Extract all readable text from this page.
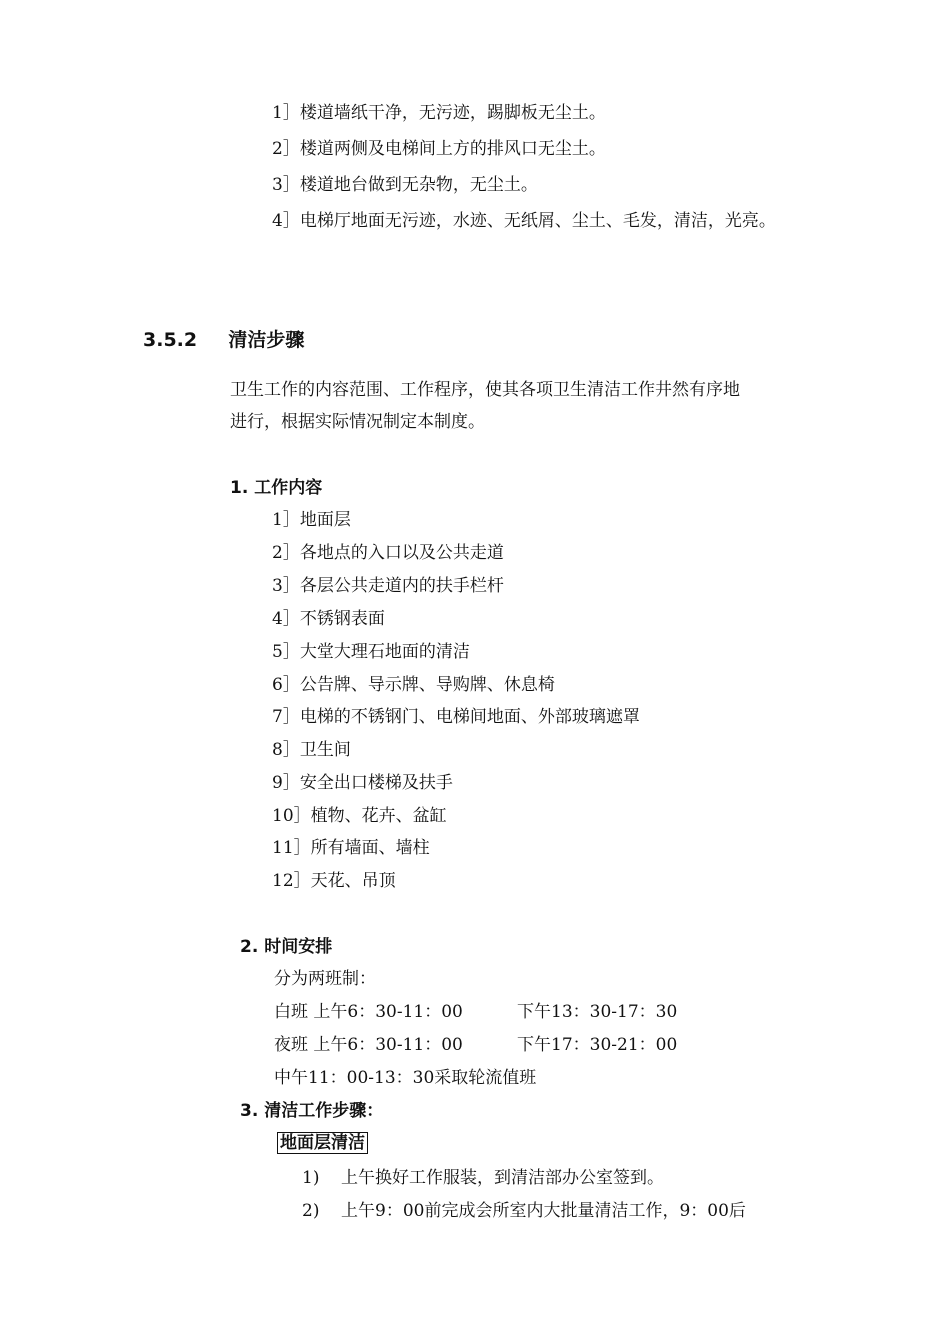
1］楼道墙纸干净，无污迹，踢脚板无尘土。
2］楼道两侧及电梯间上方的排风口无尘土。
3］楼道地台做到无杂物，无尘土。
4］电梯厅地面无污迹，水迹、无纸屑、尘土、毛发，清洁，光亮。
3.5.2 清洁步骤
卫生工作的内容范围、工作程序，使其各项卫生清洁工作井然有序地
进行，根据实际情况制定本制度。
1. 工作内容
1］地面层
2］各地点的入口以及公共走道
3］各层公共走道内的扶手栏杆
4］不锈钢表面
5］大堂大理石地面的清洁
6］公告牌、导示牌、导购牌、休息椅
7］电梯的不锈钢门、电梯间地面、外部玻璃遮罩
8］卫生间
9］安全出口楼梯及扶手
10］植物、花卉、盆缸
11］所有墙面、墙柱
12］天花、吊顶
2. 时间安排
分为两班制：
白班 上午6：30-11：00	下午13：30-17：30
夜班 上午6：30-11：00	下午17：30-21：00
中午11：00-13：30采取轮流值班
3. 清洁工作步骤：
地面层清洁
1) 上午换好工作服装，到清洁部办公室签到。
2) 上午9：00前完成会所室内大批量清洁工作，9：00后
